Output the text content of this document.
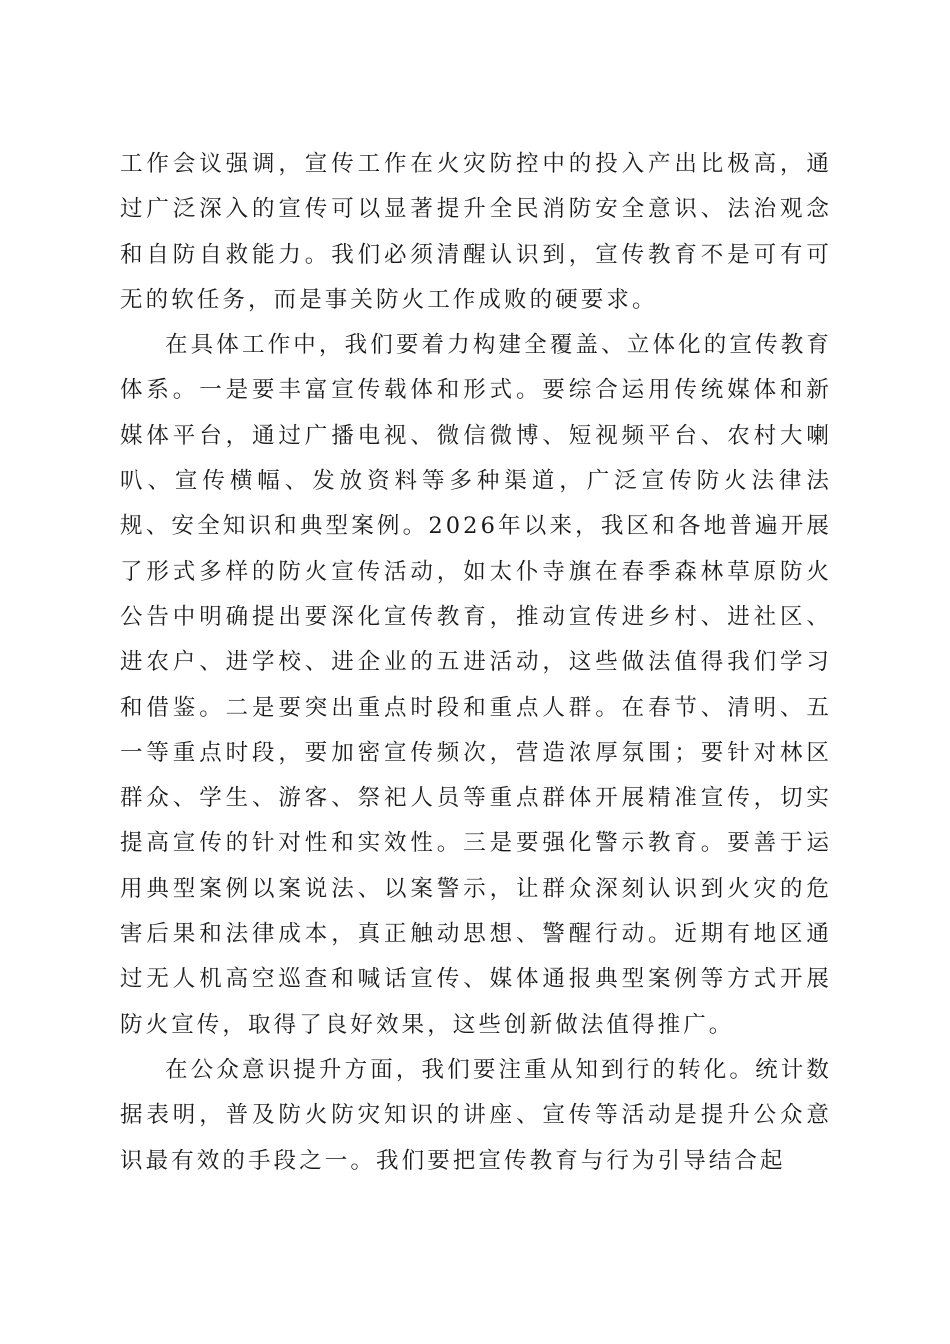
工作会议强调，宣传工作在火灾防控中的投入产出比极高，通过广泛深入的宣传可以显著提升全民消防安全意识、法治观念和自防自救能力。我们必须清醒认识到，宣传教育不是可有可无的软任务，而是事关防火工作成败的硬要求。

在具体工作中，我们要着力构建全覆盖、立体化的宣传教育体系。一是要丰富宣传载体和形式。要综合运用传统媒体和新媒体平台，通过广播电视、微信微博、短视频平台、农村大喇叭、宣传横幅、发放资料等多种渠道，广泛宣传防火法律法规、安全知识和典型案例。2026年以来，我区和各地普遍开展了形式多样的防火宣传活动，如太仆寺旗在春季森林草原防火公告中明确提出要深化宣传教育，推动宣传进乡村、进社区、进农户、进学校、进企业的五进活动，这些做法值得我们学习和借鉴。二是要突出重点时段和重点人群。在春节、清明、五一等重点时段，要加密宣传频次，营造浓厚氛围；要针对林区群众、学生、游客、祭祀人员等重点群体开展精准宣传，切实提高宣传的针对性和实效性。三是要强化警示教育。要善于运用典型案例以案说法、以案警示，让群众深刻认识到火灾的危害后果和法律成本，真正触动思想、警醒行动。近期有地区通过无人机高空巡查和喊话宣传、媒体通报典型案例等方式开展防火宣传，取得了良好效果，这些创新做法值得推广。

在公众意识提升方面，我们要注重从知到行的转化。统计数据表明，普及防火防灾知识的讲座、宣传等活动是提升公众意识最有效的手段之一。我们要把宣传教育与行为引导结合起
